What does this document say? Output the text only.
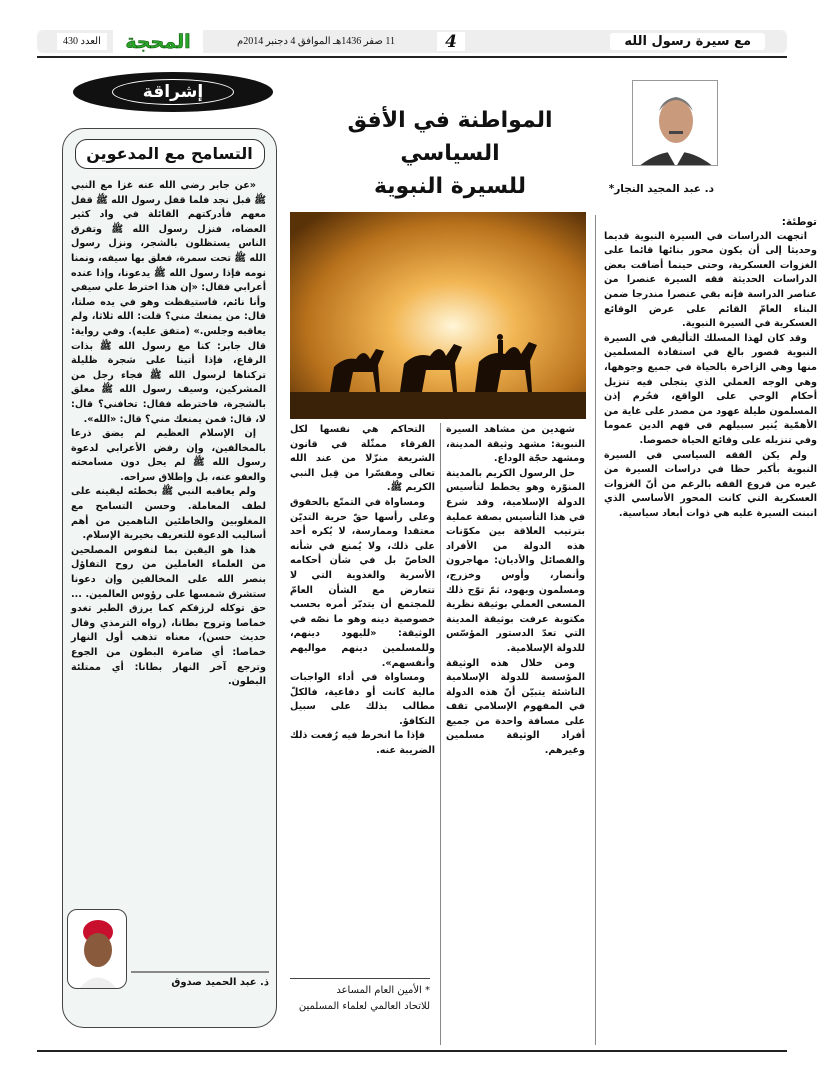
مع سيرة رسول الله
4
11 صفر 1436هـ الموافق 4 دجنبر 2014م
المحجة
العدد 430
إشراقة
التسامح مع المدعوين

«عن جابر رضي الله عنه غزا مع النبي ﷺ قبل نجد فلما قفل رسول الله ﷺ قفل معهم فأدركتهم القائلة في واد كثير العضاه، فنزل رسول الله ﷺ وتفرق الناس يستظلون بالشجر، ونزل رسول الله ﷺ تحت سمرة، فعلق بها سيفه، ونمنا نومه فإذا رسول الله ﷺ يدعونا، وإذا عنده أعرابي فقال: «إن هذا اخترط علي سيفي وأنا نائم، فاستيقظت وهو في يده صلتا، قال: من يمنعك مني؟ قلت: الله ثلاثا، ولم يعاقبه وجلس.» (متفق عليه). وفي رواية: قال جابر: كنا مع رسول الله ﷺ بذات الرقاع، فإذا أتينا على شجرة ظليلة تركناها لرسول الله ﷺ فجاء رجل من المشركين، وسيف رسول الله ﷺ معلق بالشجرة، فاخترطه فقال: تخافني؟ قال: لا، قال: فمن يمنعك مني؟ قال: «الله».

إن الإسلام العظيم لم يضق ذرعا بالمخالفين، وإن رفض الأعرابي لدعوة رسول الله ﷺ لم يحل دون مسامحته والعفو عنه، بل وإطلاق سراحه.

ولم يعاقبه النبي ﷺ بخطئه ليقينه على لطف المعاملة. وحسن التسامح مع المغلوبين والخاطئين الناهمين من أهم أساليب الدعوة للتعريف بخيرية الإسلام.

هذا هو اليقين بما لنفوس المصلحين من العلماء العاملين من روح التفاؤل بنصر الله على المخالفين وإن دعونا ستشرق شمسها على رؤوس العالمين. ... حق توكله لرزقكم كما يرزق الطير تغدو خماصا وتروح بطانا، (رواه الترمذي وقال حديث حسن)، معناه تذهب أول النهار خماصا: أي ضامرة البطون من الجوع وترجع آخر النهار بطانا: أي ممتلئة البطون.

ذ. عبد الحميد صدوق
المواطنة في الأفق السياسي
للسيرة النبوية	د. عبد المجيد النجار*
توطئة:

اتجهت الدراسات في السيرة النبوية قديما وحديثا إلى أن يكون محور بنائها قائما على الغزوات العسكرية، وحتى حينما أضافت بعض الدراسات الحديثة فقه السيرة عنصرا من عناصر الدراسة فإنه بقي عنصرا مندرجا ضمن البناء العامّ القائم على عرض الوقائع العسكرية في السيرة النبوية.

وقد كان لهذا المسلك التأليفي في السيرة النبوية قصور بالغ في استفادة المسلمين منها وهي الزاخرة بالحياة في جميع وجوهها، وهي الوجه العملي الذي يتجلى فيه تنزيل أحكام الوحي على الواقع، فحُرم إذن المسلمون طيلة عهود من مصدر على غاية من الأهمّية يُنير سبيلهم في فهم الدين عموما وفي تنزيله على وقائع الحياة خصوصا.

ولم يكن الفقه السياسي في السيرة النبوية بأكبر حظا في دراسات السيرة من غيره من فروع الفقه بالرغم من أنّ الغزوات العسكرية التي كانت المحور الأساسي الذي انبنت السيرة عليه هي ذوات أبعاد سياسية.

شهدين من مشاهد السيرة النبوية: مشهد وثيقة المدينة، ومشهد حجّة الوداع.

حل الرسول الكريم بالمدينة المنوّرة وهو يخطط لتأسيس الدولة الإسلامية، وقد شرع في هذا التأسيس بصفة عملية بترتيب العلاقة بين مكوّنات هذه الدولة من الأفراد والفصائل والأديان: مهاجرون وأنصار، وأوس وخزرج، ومسلمون ويهود، ثمّ توّج ذلك المسعى العملي بوثيقة نظرية مكتوبة عرفت بوثيقة المدينة التي تعدّ الدستور المؤسّس للدولة الإسلامية.

ومن خلال هذه الوثيقة المؤسسة للدولة الإسلامية الناشئة يتبيّن أنّ هذه الدولة في المفهوم الإسلامي تقف على مسافة واحدة من جميع أفراد الوثيقة مسلمين وغيرهم.

التحاكم هي نفسها لكل الفرقاء ممثّلة في قانون الشريعة منزّلا من عند الله تعالى ومفسّرا من قِبل النبي الكريم ﷺ.

ومساواة في التمتّع بالحقوق وعلى رأسها حقّ حرية التديّن معتقدا وممارسة، لا يُكره أحد على ذلك، ولا يُمنع في شأنه الخاصّ بل في شأن أحكامه الأسرية والغذوية التي لا تتعارض مع الشأن العامّ للمجتمع أن يتدبّر أمره بحسب خصوصية دينه وهو ما نصّه في الوثيقة: «لليهود دينهم، وللمسلمين دينهم مواليهم وأنفسهم».

ومساواة في أداء الواجبات مالية كانت أو دفاعية، فالكلّ مطالب بذلك على سبيل التكافؤ.

فإذا ما انخرط فيه رُفعت ذلك الضريبة عنه.

* الأمين العام المساعد
للاتحاد العالمي لعلماء المسلمين
